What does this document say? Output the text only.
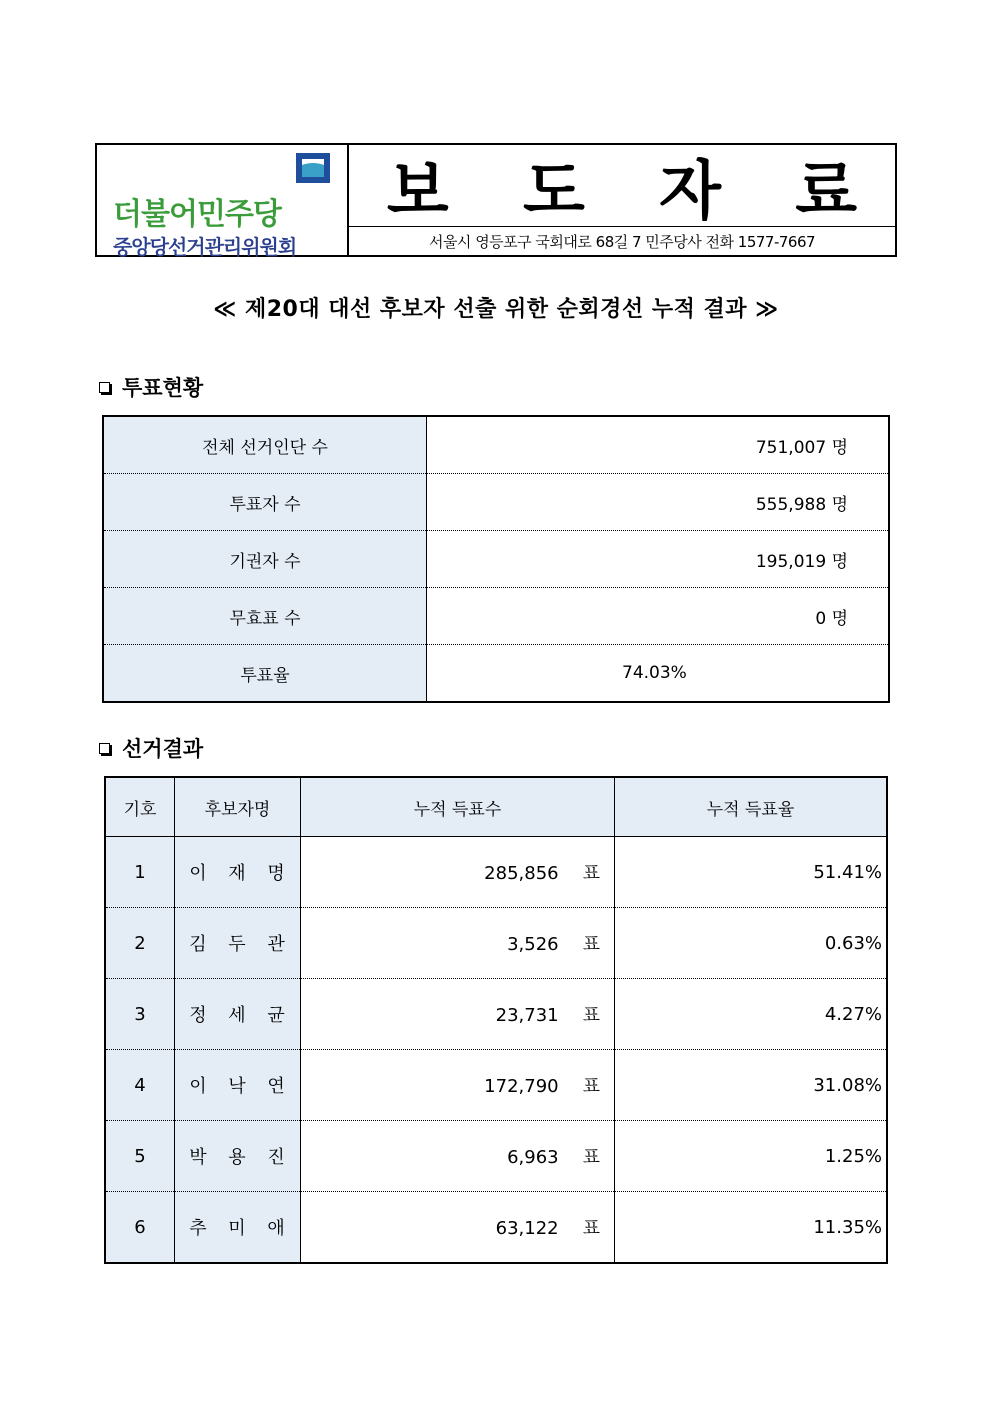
더불어민주당
중앙당선거관리위원회
보 도 자 료
서울시 영등포구 국회대로 68길 7 민주당사 전화 1577-7667
≪ 제20대 대선 후보자 선출 위한 순회경선 누적 결과 ≫
투표현황
전체 선거인단 수	751,007 명
투표자 수	555,988 명
기권자 수	195,019 명
무효표 수	0 명
투표율	74.03%
선거결과
기호	후보자명	누적 득표수	누적 득표율
1	이 재 명	285,856 표	51.41%
2	김 두 관	3,526 표	0.63%
3	정 세 균	23,731 표	4.27%
4	이 낙 연	172,790 표	31.08%
5	박 용 진	6,963 표	1.25%
6	추 미 애	63,122 표	11.35%
